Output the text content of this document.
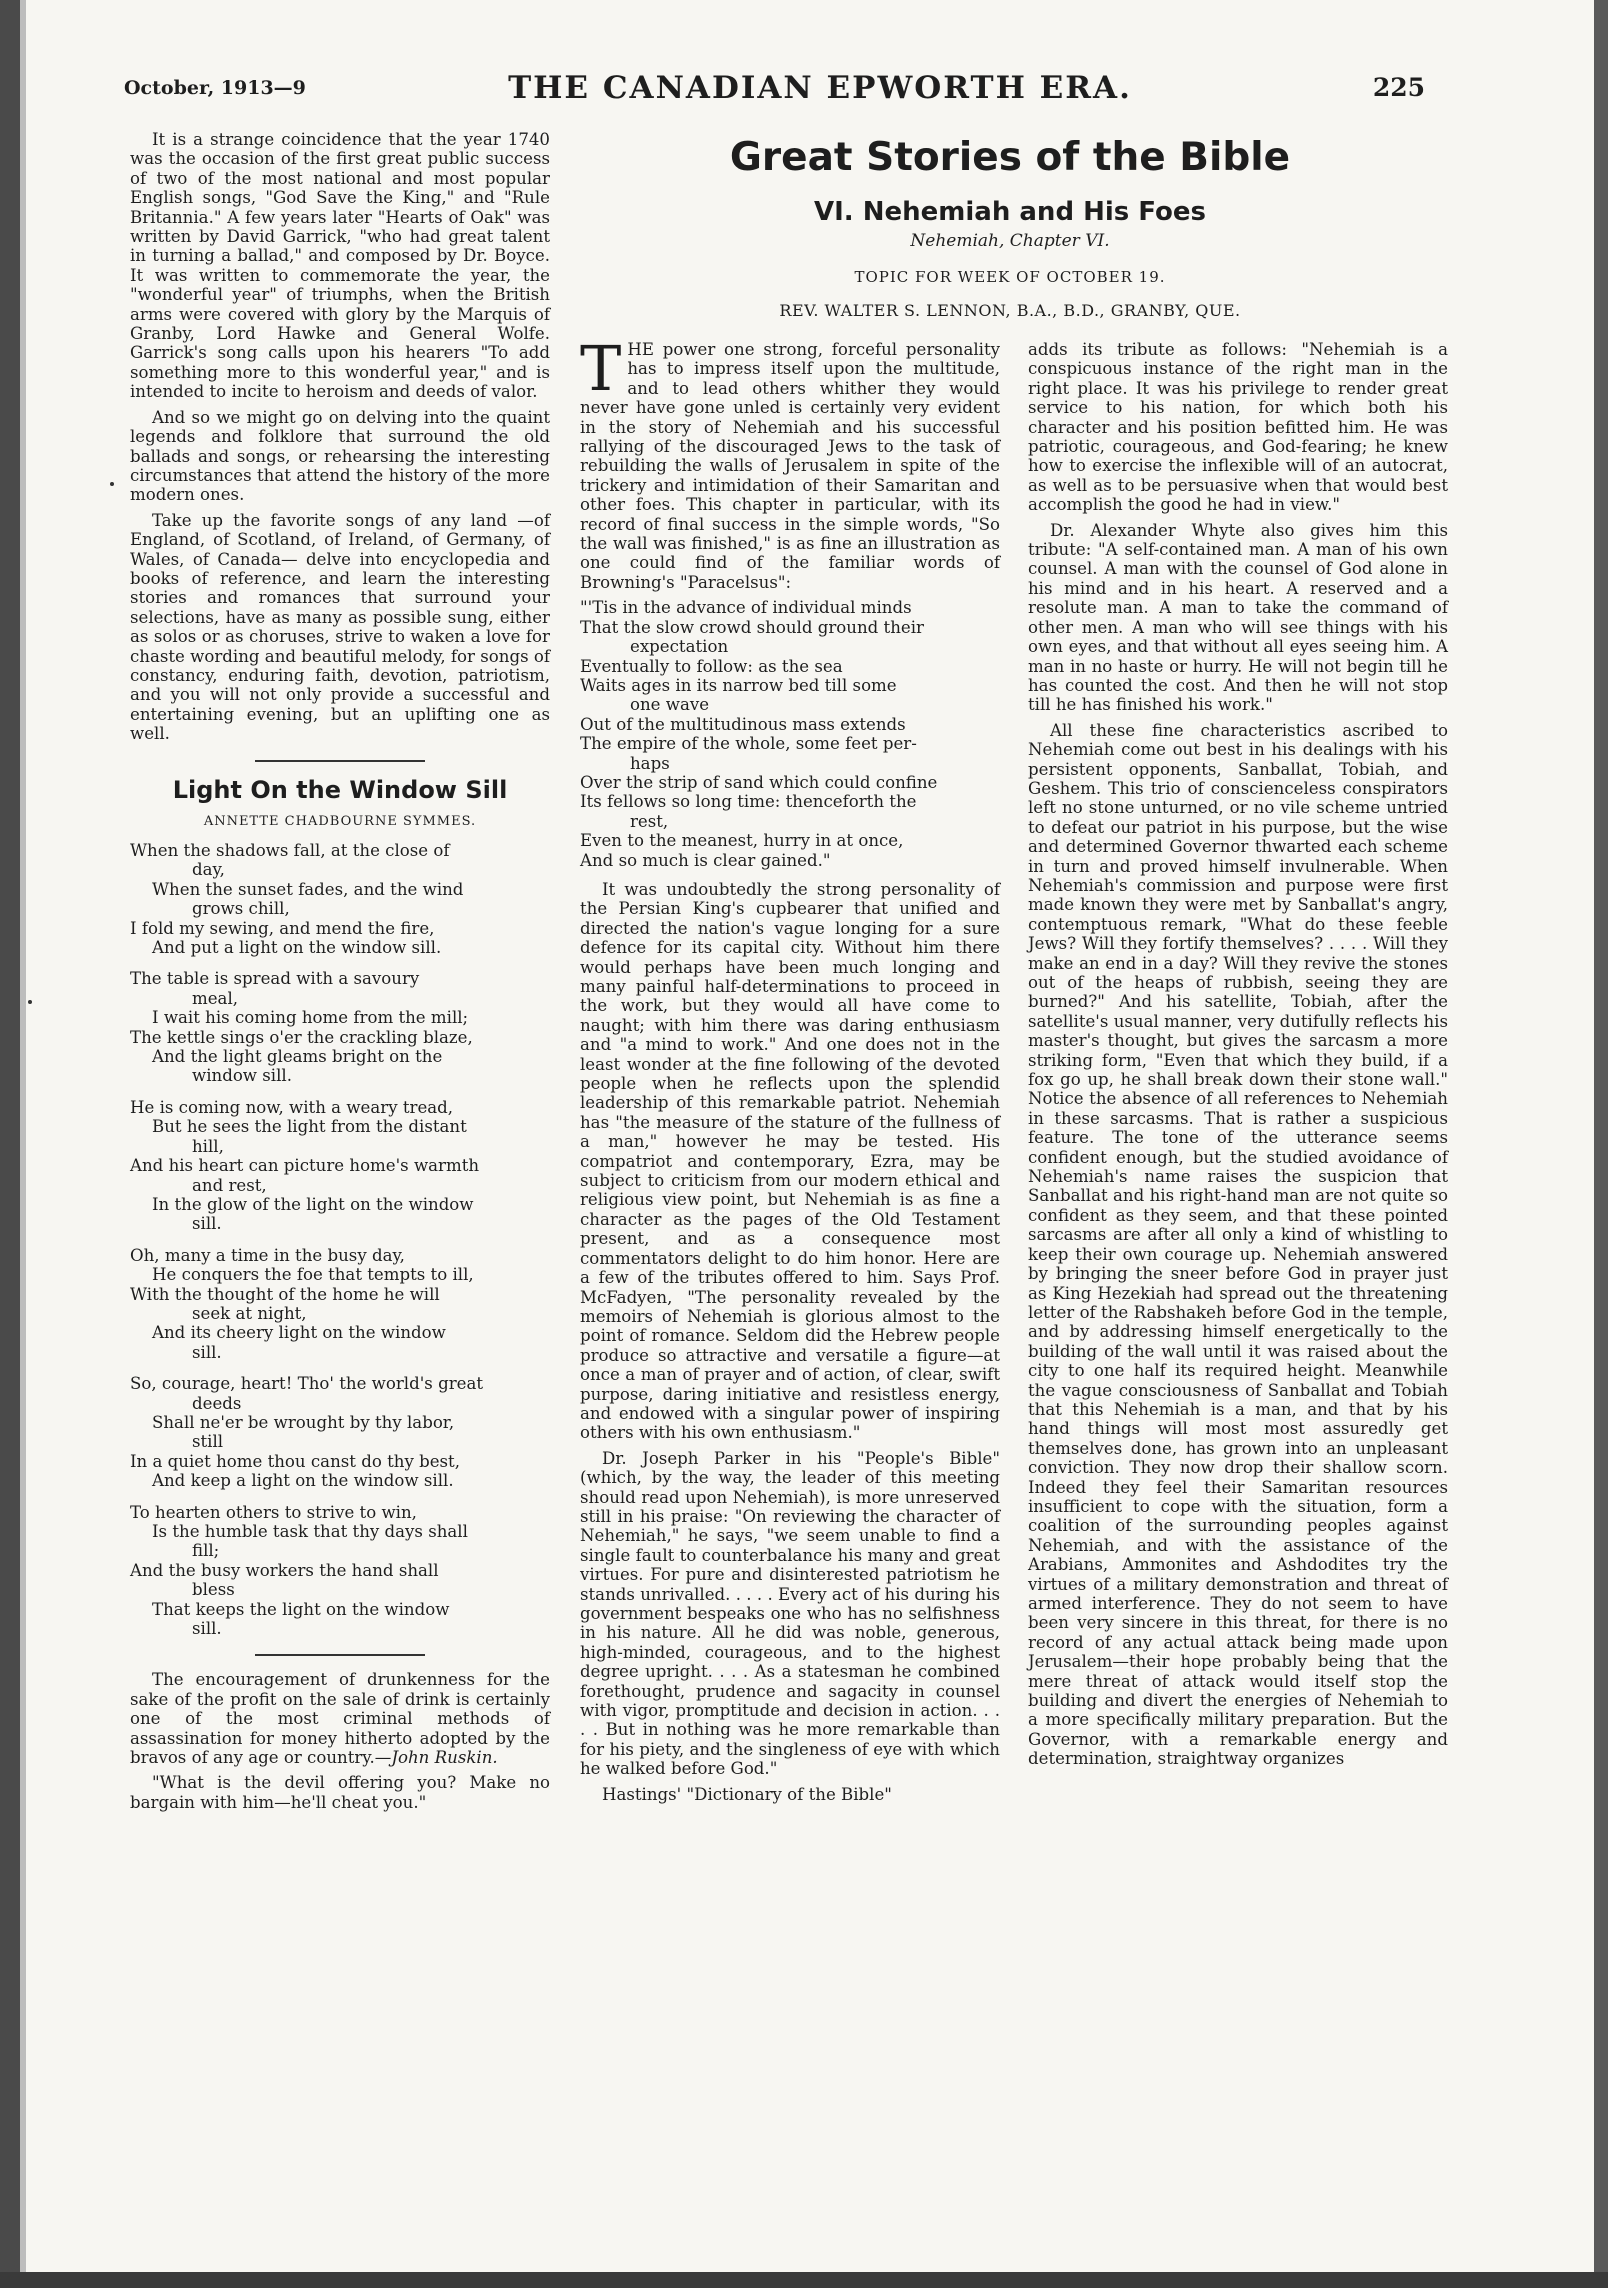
October, 1913—9	THE CANADIAN EPWORTH ERA.	225

It is a strange coincidence that the year 1740 was the occasion of the first great public success of two of the most national and most popular English songs, "God Save the King," and "Rule Britannia." A few years later "Hearts of Oak" was written by David Garrick, "who had great talent in turning a ballad," and composed by Dr. Boyce. It was written to commemorate the year, the "wonderful year" of triumphs, when the British arms were covered with glory by the Marquis of Granby, Lord Hawke and General Wolfe. Garrick's song calls upon his hearers "To add something more to this wonderful year," and is intended to incite to heroism and deeds of valor.

And so we might go on delving into the quaint legends and folklore that surround the old ballads and songs, or rehearsing the interesting circumstances that attend the history of the more modern ones.

Take up the favorite songs of any land —of England, of Scotland, of Ireland, of Germany, of Wales, of Canada— delve into encyclopedia and books of reference, and learn the interesting stories and romances that surround your selections, have as many as possible sung, either as solos or as choruses, strive to waken a love for chaste wording and beautiful melody, for songs of constancy, enduring faith, devotion, patriotism, and you will not only provide a successful and entertaining evening, but an uplifting one as well.

Light On the Window Sill
ANNETTE CHADBOURNE SYMMES.
When the shadows fall, at the close of
day,
When the sunset fades, and the wind
grows chill,
I fold my sewing, and mend the fire,
And put a light on the window sill.
The table is spread with a savoury
meal,
I wait his coming home from the mill;
The kettle sings o'er the crackling blaze,
And the light gleams bright on the
window sill.
He is coming now, with a weary tread,
But he sees the light from the distant
hill,
And his heart can picture home's warmth
and rest,
In the glow of the light on the window
sill.
Oh, many a time in the busy day,
He conquers the foe that tempts to ill,
With the thought of the home he will
seek at night,
And its cheery light on the window
sill.
So, courage, heart! Tho' the world's great
deeds
Shall ne'er be wrought by thy labor,
still
In a quiet home thou canst do thy best,
And keep a light on the window sill.
To hearten others to strive to win,
Is the humble task that thy days shall
fill;
And the busy workers the hand shall
bless
That keeps the light on the window
sill.

The encouragement of drunkenness for the sake of the profit on the sale of drink is certainly one of the most criminal methods of assassination for money hitherto adopted by the bravos of any age or country.—John Ruskin.

"What is the devil offering you? Make no bargain with him—he'll cheat you."

Great Stories of the Bible
VI. Nehemiah and His Foes
Nehemiah, Chapter VI.
TOPIC FOR WEEK OF OCTOBER 19.
REV. WALTER S. LENNON, B.A., B.D., GRANBY, QUE.

THE power one strong, forceful personality has to impress itself upon the multitude, and to lead others whither they would never have gone unled is certainly very evident in the story of Nehemiah and his successful rallying of the discouraged Jews to the task of rebuilding the walls of Jerusalem in spite of the trickery and intimidation of their Samaritan and other foes. This chapter in particular, with its record of final success in the simple words, "So the wall was finished," is as fine an illustration as one could find of the familiar words of Browning's "Paracelsus":

"'Tis in the advance of individual minds
That the slow crowd should ground their
expectation
Eventually to follow: as the sea
Waits ages in its narrow bed till some
one wave
Out of the multitudinous mass extends
The empire of the whole, some feet per-
haps
Over the strip of sand which could confine
Its fellows so long time: thenceforth the
rest,
Even to the meanest, hurry in at once,
And so much is clear gained."

It was undoubtedly the strong personality of the Persian King's cupbearer that unified and directed the nation's vague longing for a sure defence for its capital city. Without him there would perhaps have been much longing and many painful half-determinations to proceed in the work, but they would all have come to naught; with him there was daring enthusiasm and "a mind to work." And one does not in the least wonder at the fine following of the devoted people when he reflects upon the splendid leadership of this remarkable patriot. Nehemiah has "the measure of the stature of the fullness of a man," however he may be tested. His compatriot and contemporary, Ezra, may be subject to criticism from our modern ethical and religious view point, but Nehemiah is as fine a character as the pages of the Old Testament present, and as a consequence most commentators delight to do him honor. Here are a few of the tributes offered to him. Says Prof. McFadyen, "The personality revealed by the memoirs of Nehemiah is glorious almost to the point of romance. Seldom did the Hebrew people produce so attractive and versatile a figure—at once a man of prayer and of action, of clear, swift purpose, daring initiative and resistless energy, and endowed with a singular power of inspiring others with his own enthusiasm."

Dr. Joseph Parker in his "People's Bible" (which, by the way, the leader of this meeting should read upon Nehemiah), is more unreserved still in his praise: "On reviewing the character of Nehemiah," he says, "we seem unable to find a single fault to counterbalance his many and great virtues. For pure and disinterested patriotism he stands unrivalled. . . . . Every act of his during his government bespeaks one who has no selfishness in his nature. All he did was noble, generous, high-minded, courageous, and to the highest degree upright. . . . As a statesman he combined forethought, prudence and sagacity in counsel with vigor, promptitude and decision in action. . . . . But in nothing was he more remarkable than for his piety, and the singleness of eye with which he walked before God."

Hastings' "Dictionary of the Bible"

adds its tribute as follows: "Nehemiah is a conspicuous instance of the right man in the right place. It was his privilege to render great service to his nation, for which both his character and his position befitted him. He was patriotic, courageous, and God-fearing; he knew how to exercise the inflexible will of an autocrat, as well as to be persuasive when that would best accomplish the good he had in view."

Dr. Alexander Whyte also gives him this tribute: "A self-contained man. A man of his own counsel. A man with the counsel of God alone in his mind and in his heart. A reserved and a resolute man. A man to take the command of other men. A man who will see things with his own eyes, and that without all eyes seeing him. A man in no haste or hurry. He will not begin till he has counted the cost. And then he will not stop till he has finished his work."

All these fine characteristics ascribed to Nehemiah come out best in his dealings with his persistent opponents, Sanballat, Tobiah, and Geshem. This trio of conscienceless conspirators left no stone unturned, or no vile scheme untried to defeat our patriot in his purpose, but the wise and determined Governor thwarted each scheme in turn and proved himself invulnerable. When Nehemiah's commission and purpose were first made known they were met by Sanballat's angry, contemptuous remark, "What do these feeble Jews? Will they fortify themselves? . . . . Will they make an end in a day? Will they revive the stones out of the heaps of rubbish, seeing they are burned?" And his satellite, Tobiah, after the satellite's usual manner, very dutifully reflects his master's thought, but gives the sarcasm a more striking form, "Even that which they build, if a fox go up, he shall break down their stone wall." Notice the absence of all references to Nehemiah in these sarcasms. That is rather a suspicious feature. The tone of the utterance seems confident enough, but the studied avoidance of Nehemiah's name raises the suspicion that Sanballat and his right-hand man are not quite so confident as they seem, and that these pointed sarcasms are after all only a kind of whistling to keep their own courage up. Nehemiah answered by bringing the sneer before God in prayer just as King Hezekiah had spread out the threatening letter of the Rabshakeh before God in the temple, and by addressing himself energetically to the building of the wall until it was raised about the city to one half its required height. Meanwhile the vague consciousness of Sanballat and Tobiah that this Nehemiah is a man, and that by his hand things will most most assuredly get themselves done, has grown into an unpleasant conviction. They now drop their shallow scorn. Indeed they feel their Samaritan resources insufficient to cope with the situation, form a coalition of the surrounding peoples against Nehemiah, and with the assistance of the Arabians, Ammonites and Ashdodites try the virtues of a military demonstration and threat of armed interference. They do not seem to have been very sincere in this threat, for there is no record of any actual attack being made upon Jerusalem—their hope probably being that the mere threat of attack would itself stop the building and divert the energies of Nehemiah to a more specifically military preparation. But the Governor, with a remarkable energy and determination, straightway organizes
